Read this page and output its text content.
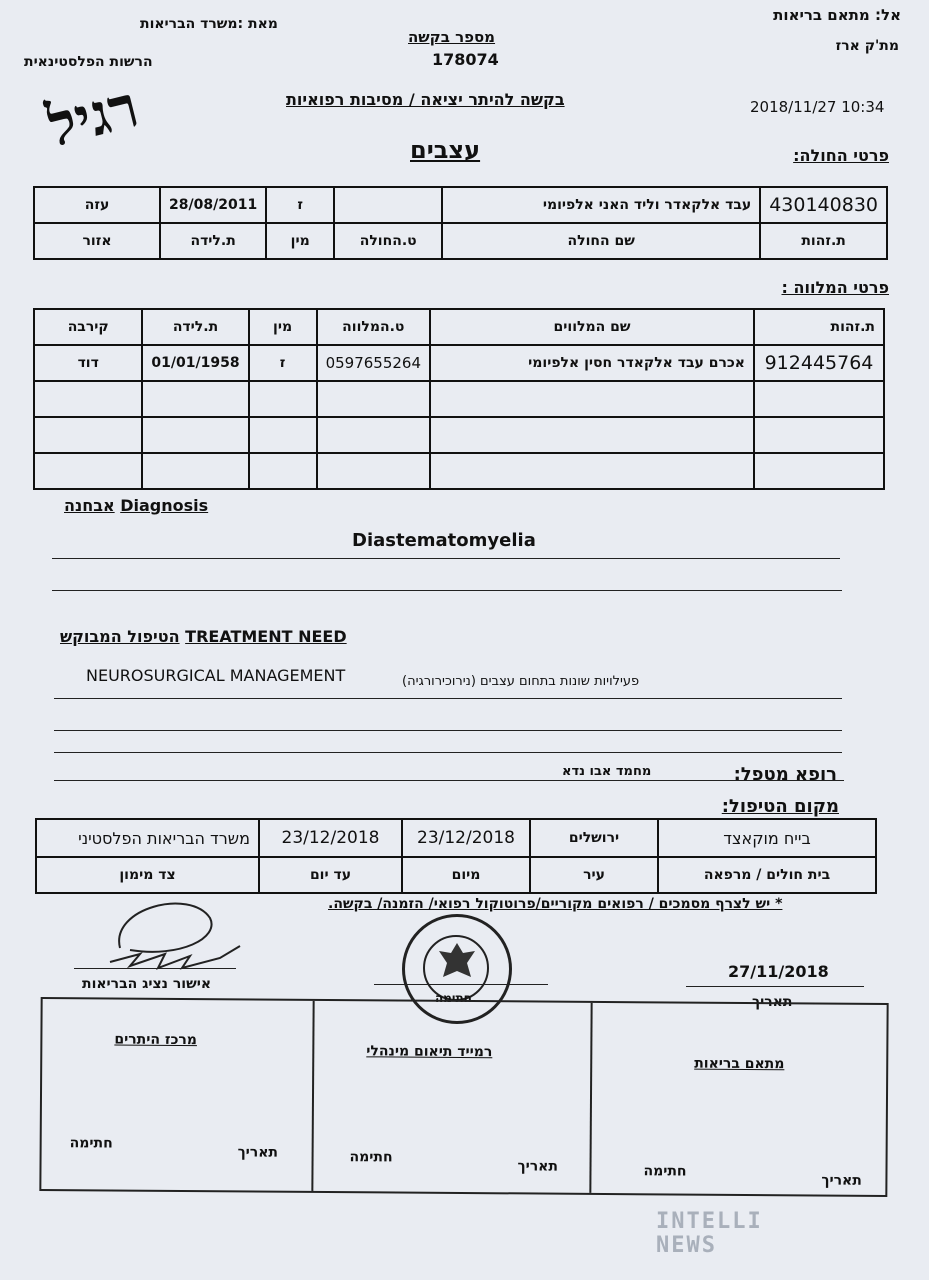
אל: מתאם בריאות
מת'ק ארז
מאת :משרד הבריאות
הרשות הפלסטינאית
מספר בקשה
178074
2018/11/27 10:34
בקשה להיתר יציאה / מסיבות רפואיות
עצבים
רגיל	פרטי החולה:
430140830	עבד אלקאדר וליד האני אלפיומי		ז	28/08/2011	עזה
ת.זהות	שם החולה	ט.החולה	מין	ת.לידה	אזור
פרטי המלווה :
ת.זהות	שם המלווים	ט.המלווה	מין	ת.לידה	קירבה
912445764	אכרם עבד אלקאדר חסין אלפיומי	0597655264	ז	01/01/1958	דוד

אבחנה Diagnosis
Diastematomyelia
הטיפול המבוקש TREATMENT NEED
NEUROSURGICAL MANAGEMENT	פעילויות שונות בתחום עצבים (נירוכירורגיה)
רופא מטפל:
מחמד אבו נדא
מקום הטיפול:
בייח מוקאצד	ירושלים	23/12/2018	23/12/2018	משרד הבריאות הפלסטיני
בית חולים / מרפאה	עיר	מיום	עד יום	צד מימון
* יש לצרף מסמכים / רפואים מקוריים/פרוטוקול רפואי/ הזמנה/ בקשה.
אישור נציג הבריאות
חתימה
27/11/2018
תאריך
מתאם בריאות
תאריך
חתימה
רמייד תיאום מינהלי
תאריך
חתימה
מרכז היתרים
תאריך
חתימה
INTELLI
NEWS
